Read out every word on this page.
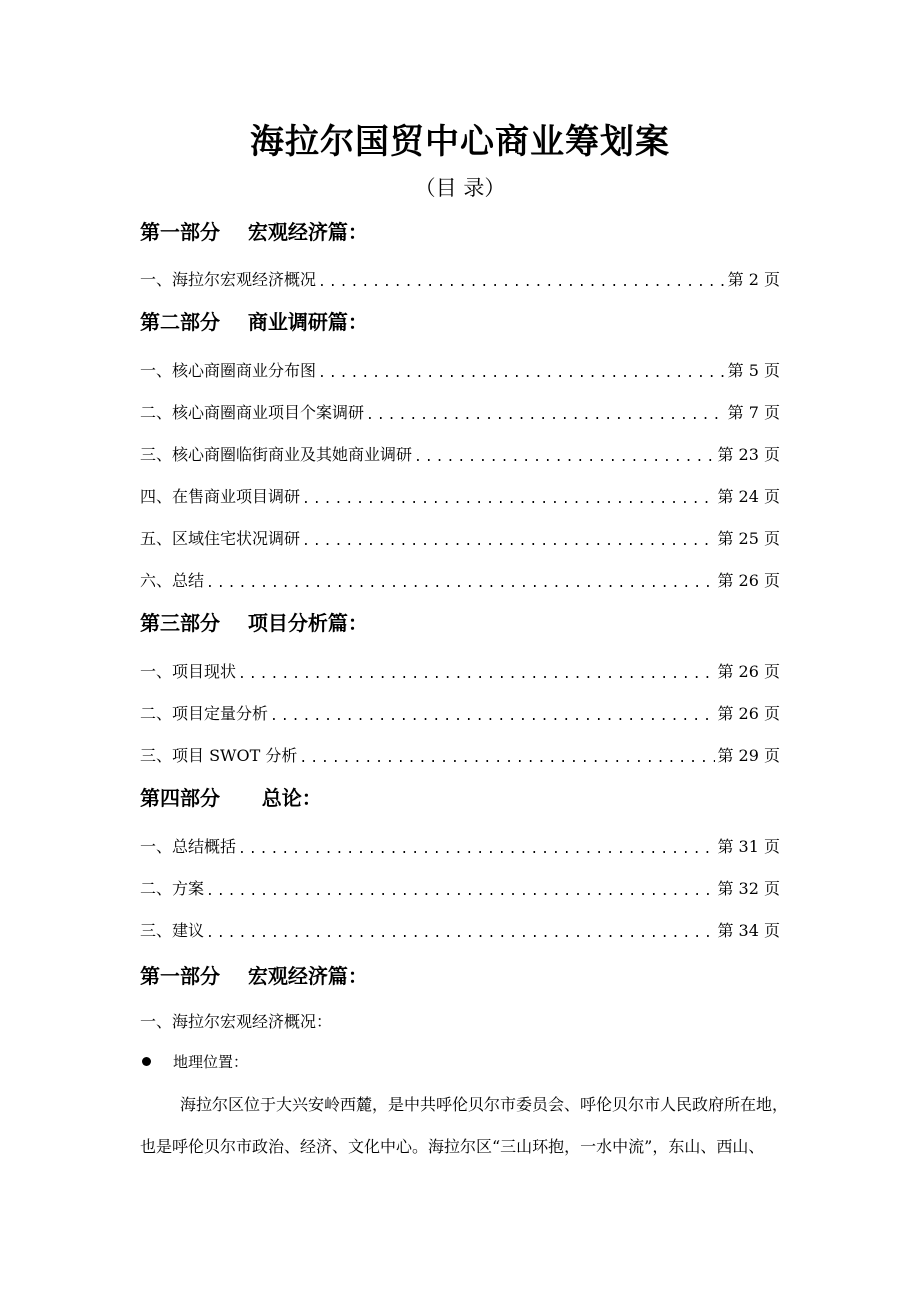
海拉尔国贸中心商业筹划案
（目 录）
第一部分    宏观经济篇：
一、海拉尔宏观经济概况 .....	第 2 页
第二部分    商业调研篇：
一、核心商圈商业分布图 .....	第 5 页
二、核心商圈商业项目个案调研 .....	第 7 页
三、核心商圈临街商业及其她商业调研 .....	第 23 页
四、在售商业项目调研 .....	第 24 页
五、区域住宅状况调研 .....	第 25 页
六、总结 .....	第 26 页
第三部分    项目分析篇：
一、项目现状 .....	第 26 页
二、项目定量分析 .....	第 26 页
三、项目 SWOT 分析 .....	第 29 页
第四部分      总论：
一、总结概括 .....	第 31 页
二、方案 .....	第 32 页
三、建议 .....	第 34 页
第一部分    宏观经济篇：
一、海拉尔宏观经济概况：
地理位置：
海拉尔区位于大兴安岭西麓，是中共呼伦贝尔市委员会、呼伦贝尔市人民政府所在地，
也是呼伦贝尔市政治、经济、文化中心。海拉尔区“三山环抱，一水中流”，东山、西山、
